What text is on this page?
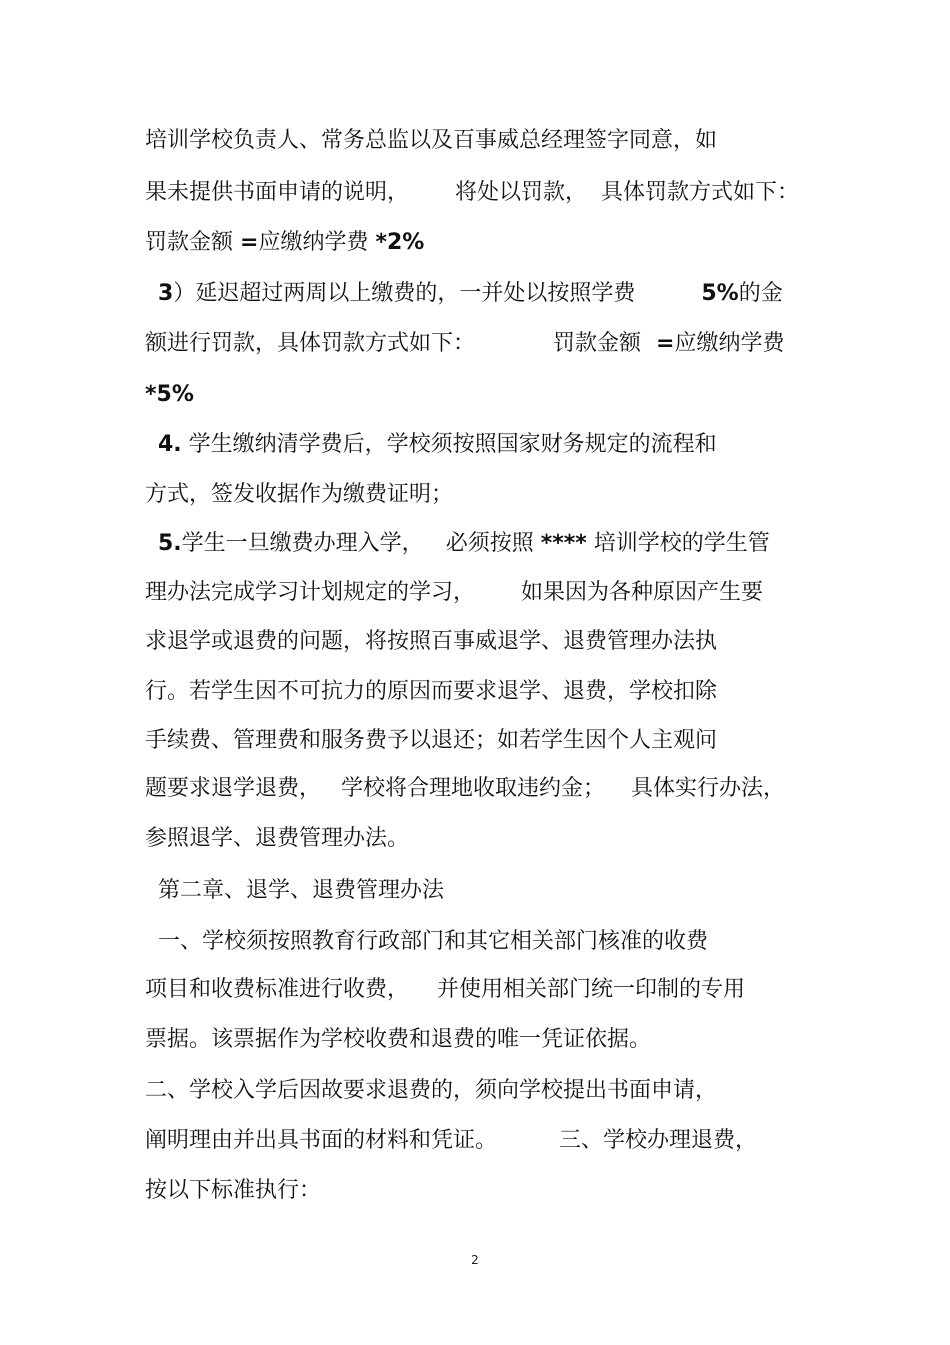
培训学校负责人、常务总监以及百事威总经理签字同意，如
果未提供书面申请的说明， 将处以罚款， 具体罚款方式如下：
罚款金额 =应缴纳学费 *2%
3）延迟超过两周以上缴费的，一并处以按照学费	5%的金
额进行罚款，具体罚款方式如下：	罚款金额 =应缴纳学费
*5%
4. 学生缴纳清学费后，学校须按照国家财务规定的流程和
方式，签发收据作为缴费证明；
5.学生一旦缴费办理入学， 必须按照 **** 培训学校的学生管
理办法完成学习计划规定的学习， 如果因为各种原因产生要
求退学或退费的问题，将按照百事威退学、退费管理办法执
行。若学生因不可抗力的原因而要求退学、退费，学校扣除
手续费、管理费和服务费予以退还；如若学生因个人主观问
题要求退学退费， 学校将合理地收取违约金； 具体实行办法，
参照退学、退费管理办法。
第二章、退学、退费管理办法
一、学校须按照教育行政部门和其它相关部门核准的收费
项目和收费标准进行收费， 并使用相关部门统一印制的专用
票据。该票据作为学校收费和退费的唯一凭证依据。
二、学校入学后因故要求退费的，须向学校提出书面申请，
阐明理由并出具书面的材料和凭证。	三、学校办理退费，
按以下标准执行：
2
